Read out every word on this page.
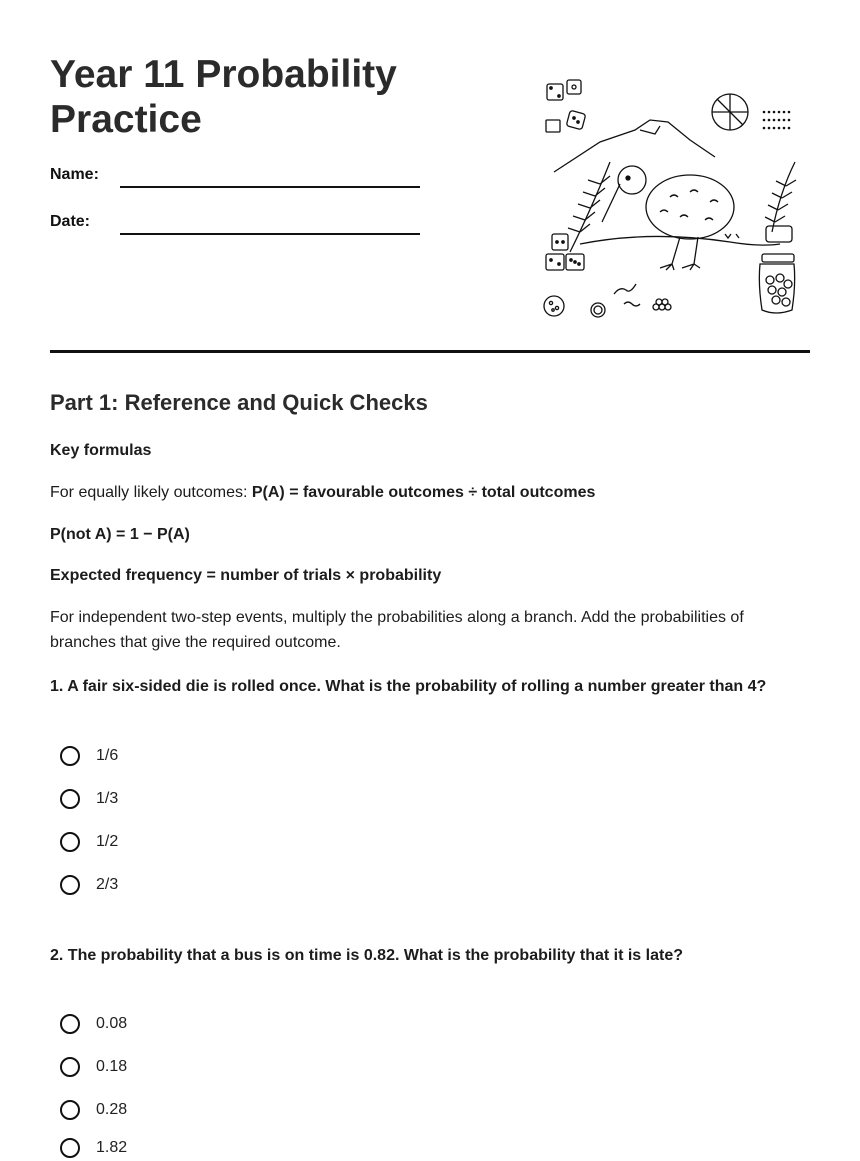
Year 11 Probability Practice
Name:
Date:
Part 1: Reference and Quick Checks

Key formulas

For equally likely outcomes: P(A) = favourable outcomes ÷ total outcomes

P(not A) = 1 − P(A)

Expected frequency = number of trials × probability

For independent two-step events, multiply the probabilities along a branch. Add the probabilities of branches that give the required outcome.

1. A fair six-sided die is rolled once. What is the probability of rolling a number greater than 4?

1/6
1/3
1/2
2/3

2. The probability that a bus is on time is 0.82. What is the probability that it is late?

0.08
0.18
0.28
1.82
